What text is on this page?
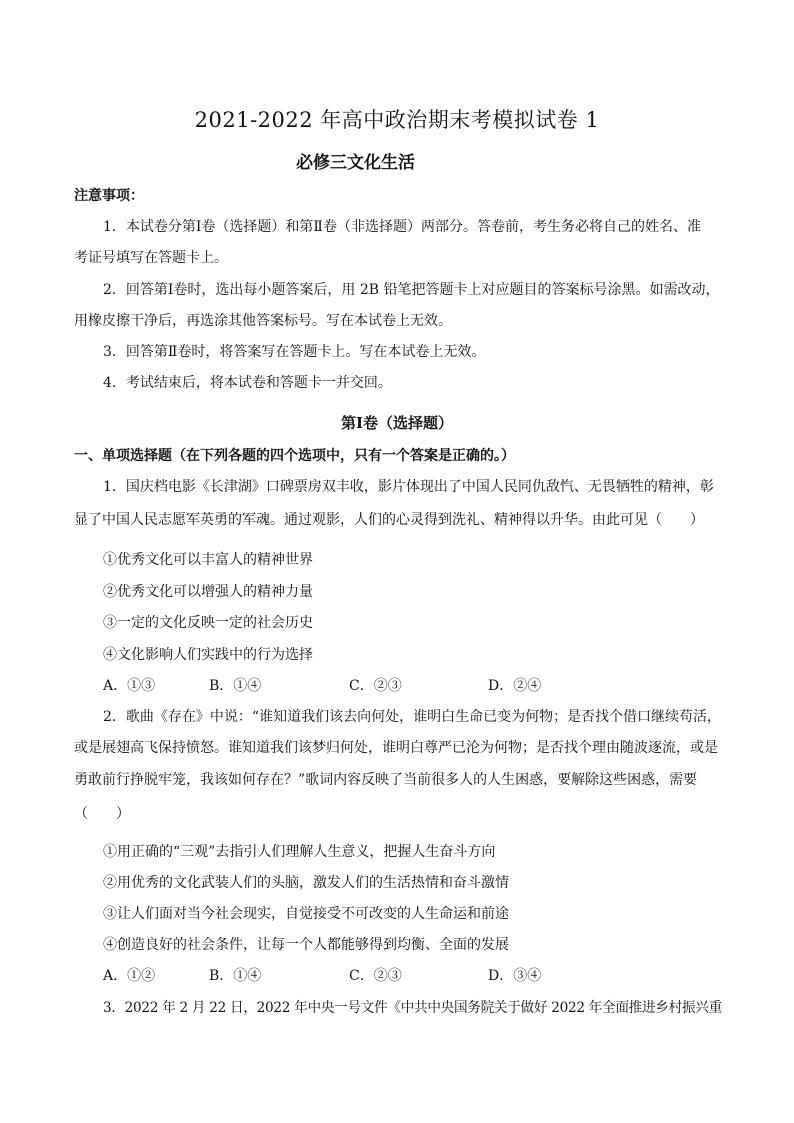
2021-2022 年高中政治期末考模拟试卷 1
必修三文化生活
注意事项：
1．本试卷分第Ⅰ卷（选择题）和第Ⅱ卷（非选择题）两部分。答卷前，考生务必将自己的姓名、准
考证号填写在答题卡上。
2．回答第Ⅰ卷时，选出每小题答案后，用 2B 铅笔把答题卡上对应题目的答案标号涂黑。如需改动，
用橡皮擦干净后，再选涂其他答案标号。写在本试卷上无效。
3．回答第Ⅱ卷时，将答案写在答题卡上。写在本试卷上无效。
4．考试结束后，将本试卷和答题卡一并交回。
第Ⅰ卷（选择题）
一、单项选择题（在下列各题的四个选项中，只有一个答案是正确的。）
1．国庆档电影《长津湖》口碑票房双丰收，影片体现出了中国人民同仇敌忾、无畏牺牲的精神，彰
显了中国人民志愿军英勇的军魂。通过观影，人们的心灵得到洗礼、精神得以升华。由此可见（　　）
①优秀文化可以丰富人的精神世界
②优秀文化可以增强人的精神力量
③一定的文化反映一定的社会历史
④文化影响人们实践中的行为选择
A．①③	B．①④	C．②③	D．②④
2．歌曲《存在》中说：“谁知道我们该去向何处，谁明白生命已变为何物；是否找个借口继续苟活，
或是展翅高飞保持愤怒。谁知道我们该梦归何处，谁明白尊严已沦为何物；是否找个理由随波逐流，或是
勇敢前行挣脱牢笼，我该如何存在？”歌词内容反映了当前很多人的人生困惑，要解除这些困惑，需要
（　　）
①用正确的“三观”去指引人们理解人生意义，把握人生奋斗方向
②用优秀的文化武装人们的头脑，激发人们的生活热情和奋斗激情
③让人们面对当今社会现实，自觉接受不可改变的人生命运和前途
④创造良好的社会条件，让每一个人都能够得到均衡、全面的发展
A．①②	B．①④	C．②③	D．③④
3．2022 年 2 月 22 日，2022 年中央一号文件《中共中央国务院关于做好 2022 年全面推进乡村振兴重
